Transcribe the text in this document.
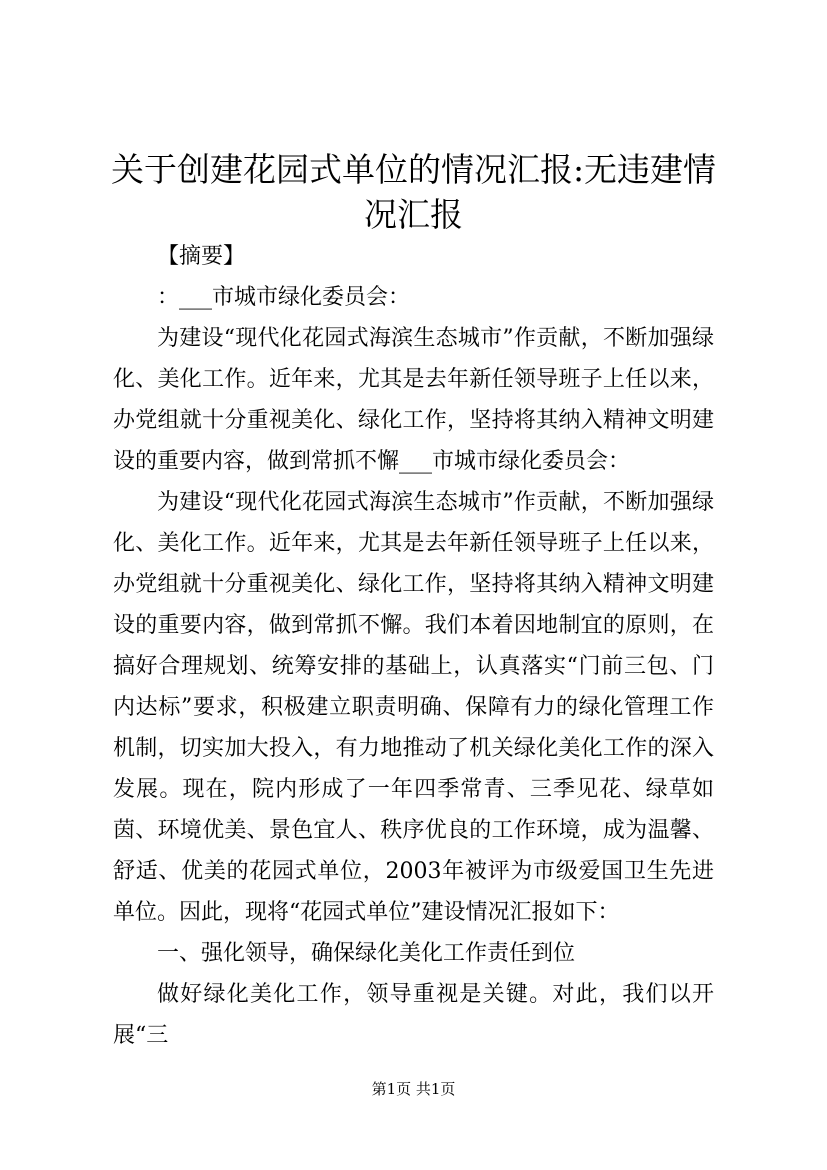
关于创建花园式单位的情况汇报:无违建情况汇报

【摘要】

：___市城市绿化委员会：

为建设“现代化花园式海滨生态城市”作贡献，不断加强绿化、美化工作。近年来，尤其是去年新任领导班子上任以来，办党组就十分重视美化、绿化工作，坚持将其纳入精神文明建设的重要内容，做到常抓不懈___市城市绿化委员会：

为建设“现代化花园式海滨生态城市”作贡献，不断加强绿化、美化工作。近年来，尤其是去年新任领导班子上任以来，办党组就十分重视美化、绿化工作，坚持将其纳入精神文明建设的重要内容，做到常抓不懈。我们本着因地制宜的原则，在搞好合理规划、统筹安排的基础上，认真落实“门前三包、门内达标”要求，积极建立职责明确、保障有力的绿化管理工作机制，切实加大投入，有力地推动了机关绿化美化工作的深入发展。现在，院内形成了一年四季常青、三季见花、绿草如茵、环境优美、景色宜人、秩序优良的工作环境，成为温馨、舒适、优美的花园式单位，2003年被评为市级爱国卫生先进单位。因此，现将“花园式单位”建设情况汇报如下：

一、强化领导，确保绿化美化工作责任到位

做好绿化美化工作，领导重视是关键。对此，我们以开展“三

第1页 共1页
